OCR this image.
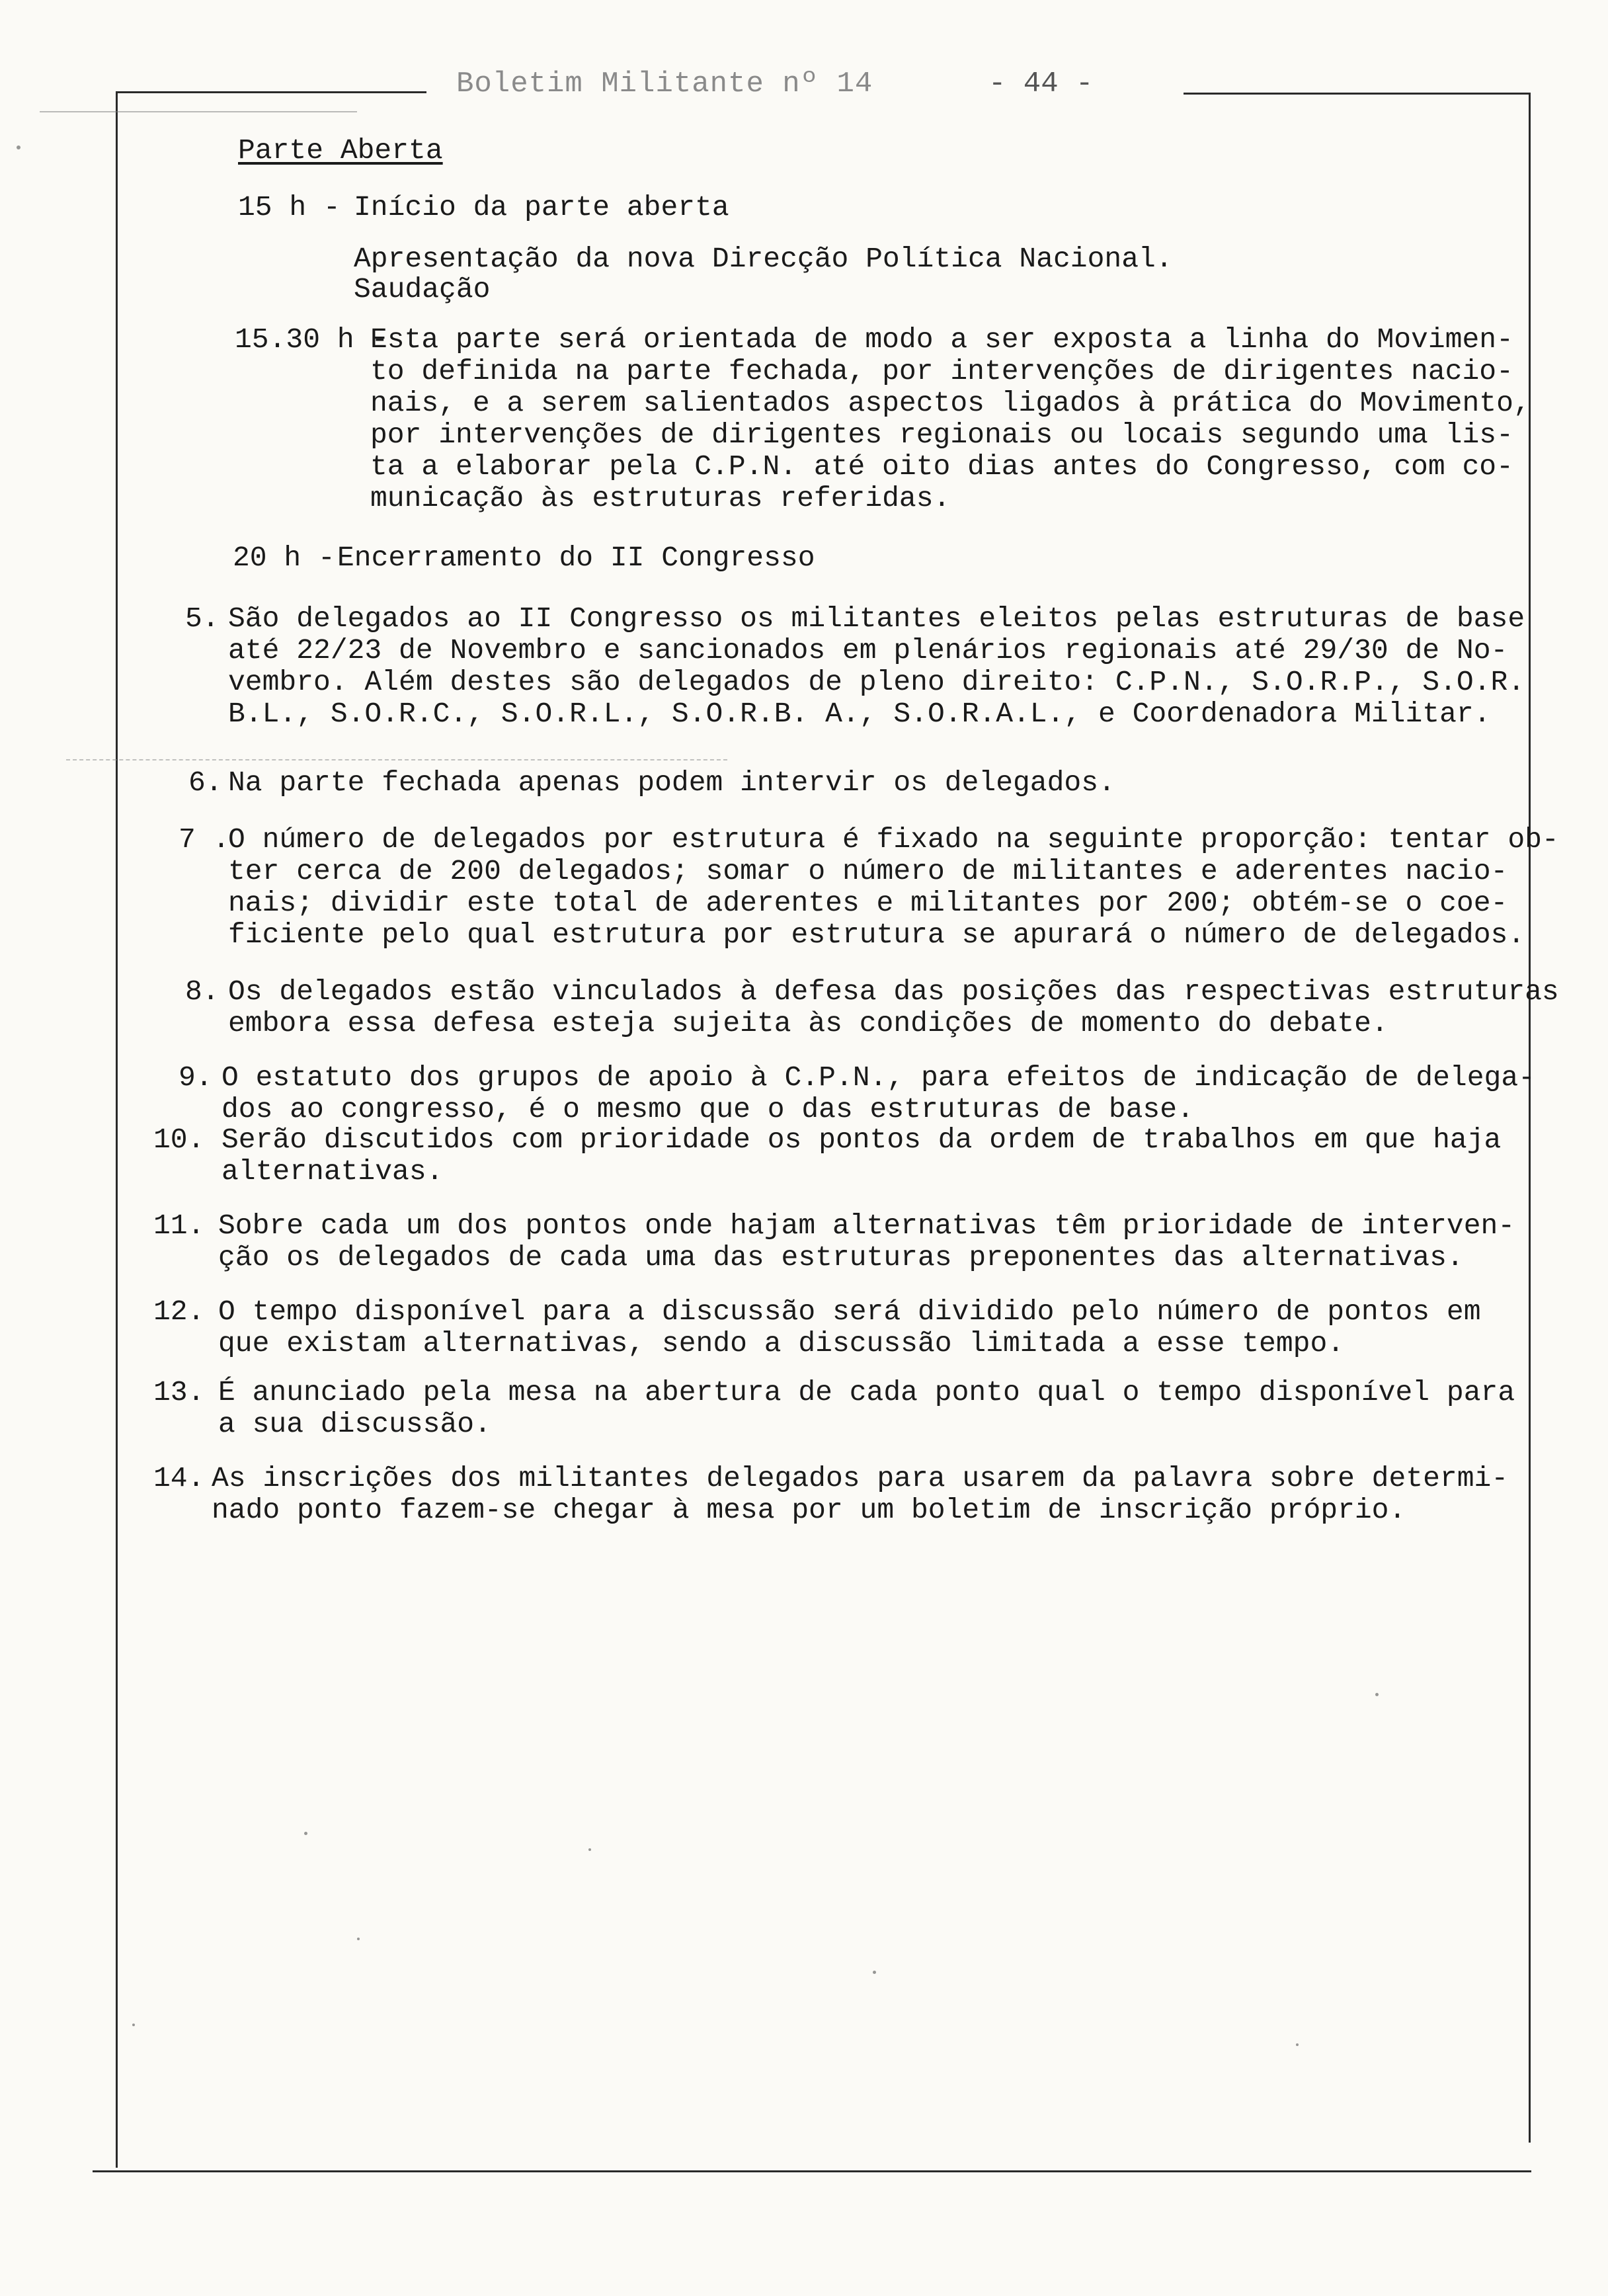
Boletim Militante nº 14	- 44 -
Parte Aberta
15 h - Início da parte aberta
Apresentação da nova Direcção Política Nacional.
Saudação
15.30 h -
Esta parte será orientada de modo a ser exposta a linha do Movimen-
to definida na parte fechada, por intervenções de dirigentes nacio-
nais, e a serem salientados aspectos ligados à prática do Movimento,
por intervenções de dirigentes regionais ou locais segundo uma lis-
ta a elaborar pela C.P.N. até oito dias antes do Congresso, com co-
municação às estruturas referidas.
20 h - Encerramento do II Congresso
5. São delegados ao II Congresso os militantes eleitos pelas estruturas de base
até 22/23 de Novembro e sancionados em plenários regionais até 29/30 de No-
vembro. Além destes são delegados de pleno direito: C.P.N., S.O.R.P., S.O.R.
B.L., S.O.R.C., S.O.R.L., S.O.R.B. A., S.O.R.A.L., e Coordenadora Militar.
6. Na parte fechada apenas podem intervir os delegados.
7 .
O número de delegados por estrutura é fixado na seguinte proporção: tentar ob-
ter cerca de 200 delegados; somar o número de militantes e aderentes nacio-
nais; dividir este total de aderentes e militantes por 200; obtém-se o coe-
ficiente pelo qual estrutura por estrutura se apurará o número de delegados.
8. Os delegados estão vinculados à defesa das posições das respectivas estruturas
embora essa defesa esteja sujeita às condições de momento do debate.
9. O estatuto dos grupos de apoio à C.P.N., para efeitos de indicação de delega-
dos ao congresso, é o mesmo que o das estruturas de base.
10. Serão discutidos com prioridade os pontos da ordem de trabalhos em que haja
alternativas.
11. Sobre cada um dos pontos onde hajam alternativas têm prioridade de interven-
ção os delegados de cada uma das estruturas preponentes das alternativas.
12. O tempo disponível para a discussão será dividido pelo número de pontos em
que existam alternativas, sendo a discussão limitada a esse tempo.
13. É anunciado pela mesa na abertura de cada ponto qual o tempo disponível para
a sua discussão.
14. As inscrições dos militantes delegados para usarem da palavra sobre determi-
nado ponto fazem-se chegar à mesa por um boletim de inscrição próprio.
